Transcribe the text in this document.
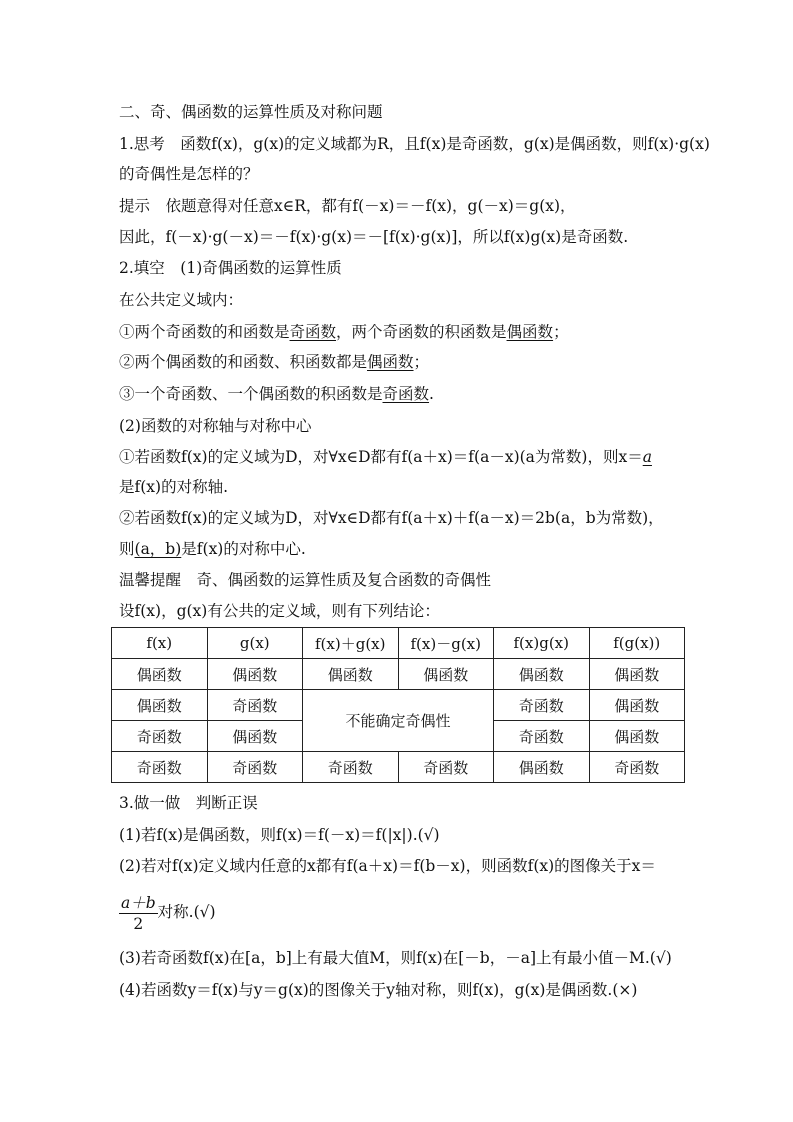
二、奇、偶函数的运算性质及对称问题
1.思考　函数f(x)，g(x)的定义域都为R，且f(x)是奇函数，g(x)是偶函数，则f(x)·g(x)
的奇偶性是怎样的？
提示　依题意得对任意x∈R，都有f(－x)＝－f(x)，g(－x)＝g(x)，
因此，f(－x)·g(－x)＝－f(x)·g(x)＝－[f(x)·g(x)]，所以f(x)g(x)是奇函数.
2.填空　(1)奇偶函数的运算性质
在公共定义域内：
①两个奇函数的和函数是奇函数，两个奇函数的积函数是偶函数；
②两个偶函数的和函数、积函数都是偶函数；
③一个奇函数、一个偶函数的积函数是奇函数.
(2)函数的对称轴与对称中心
①若函数f(x)的定义域为D，对∀x∈D都有f(a＋x)＝f(a－x)(a为常数)，则x＝a
是f(x)的对称轴.
②若函数f(x)的定义域为D，对∀x∈D都有f(a＋x)＋f(a－x)＝2b(a，b为常数)，
则(a，b)是f(x)的对称中心.
温馨提醒　奇、偶函数的运算性质及复合函数的奇偶性
设f(x)，g(x)有公共的定义域，则有下列结论：
f(x)	g(x)	f(x)＋g(x)	f(x)－g(x)	f(x)g(x)	f(g(x))
偶函数	偶函数	偶函数	偶函数	偶函数	偶函数
偶函数	奇函数	不能确定奇偶性		奇函数	偶函数
奇函数	偶函数			奇函数	偶函数
奇函数	奇函数	奇函数	奇函数	偶函数	奇函数
3.做一做　判断正误
(1)若f(x)是偶函数，则f(x)＝f(－x)＝f(|x|).(√)
(2)若对f(x)定义域内任意的x都有f(a＋x)＝f(b－x)，则函数f(x)的图像关于x＝
$\frac{a+b}{2}$ 对称.(√)
(3)若奇函数f(x)在[a，b]上有最大值M，则f(x)在[－b，－a]上有最小值－M.(√)
(4)若函数y＝f(x)与y＝g(x)的图像关于y轴对称，则f(x)，g(x)是偶函数.(×)
